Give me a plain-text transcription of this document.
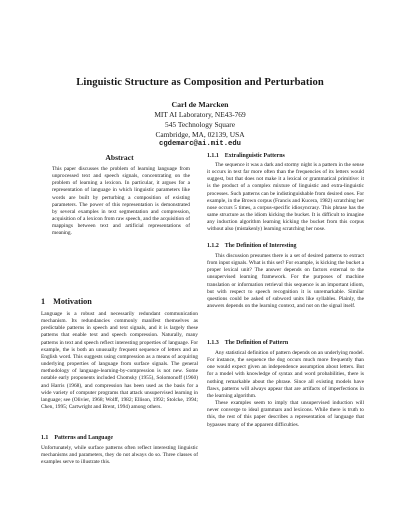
Linguistic Structure as Composition and Perturbation
Carl de Marcken
MIT AI Laboratory, NE43-769
545 Technology Square
Cambridge, MA, 02139, USA
cgdemarc@ai.mit.edu
Abstract
This paper discusses the problem of learning language from unprocessed text and speech signals, concentrating on the problem of learning a lexicon. In particular, it argues for a representation of language in which linguistic parameters like words are built by perturbing a composition of existing parameters. The power of this representation is demonstrated by several examples in text segmentation and compression, acquisition of a lexicon from raw speech, and the acquisition of mappings between text and artificial representations of meaning.
1 Motivation
Language is a robust and necessarily redundant communication mechanism. Its redundancies commonly manifest themselves as predictable patterns in speech and text signals, and it is largely these patterns that enable text and speech compression. Naturally, many patterns in text and speech reflect interesting properties of language. For example, the is both an unusually frequent sequence of letters and an English word. This suggests using compression as a means of acquiring underlying properties of language from surface signals. The general methodology of language-learning-by-compression is not new. Some notable early proponents included Chomsky (1955), Solomonoff (1960) and Harris (1968), and compression has been used as the basis for a wide variety of computer programs that attack unsupervised learning in language; see (Olivier, 1968; Wolff, 1982; Ellison, 1992; Stolcke, 1994; Chen, 1995; Cartwright and Brent, 1994) among others.
1.1 Patterns and Language
Unfortunately, while surface patterns often reflect interesting linguistic mechanisms and parameters, they do not always do so. Three classes of examples serve to illustrate this.
1.1.1 Extralinguistic Patterns
The sequence it was a dark and stormy night is a pattern in the sense it occurs in text far more often than the frequencies of its letters would suggest, but that does not make it a lexical or grammatical primitive: it is the product of a complex mixture of linguistic and extra-linguistic processes. Such patterns can be indistinguishable from desired ones. For example, in the Brown corpus (Francis and Kucera, 1982) scratching her nose occurs 5 times, a corpus-specific idiosyncrasy. This phrase has the same structure as the idiom kicking the bucket. It is difficult to imagine any induction algorithm learning kicking the bucket from this corpus without also (mistakenly) learning scratching her nose.
1.1.2 The Definition of Interesting
This discussion presumes there is a set of desired patterns to extract from input signals. What is this set? For example, is kicking the bucket a proper lexical unit? The answer depends on factors external to the unsupervised learning framework. For the purposes of machine translation or information retrieval this sequence is an important idiom, but with respect to speech recognition it is unremarkable. Similar questions could be asked of subword units like syllables. Plainly, the answers depends on the learning context, and not on the signal itself.
1.1.3 The Definition of Pattern
Any statistical definition of pattern depends on an underlying model. For instance, the sequence the dog occurs much more frequently than one would expect given an independence assumption about letters. But for a model with knowledge of syntax and word probabilities, there is nothing remarkable about the phrase. Since all existing models have flaws, patterns will always appear that are artifacts of imperfections in the learning algorithm.
These examples seem to imply that unsupervised induction will never converge to ideal grammars and lexicons. While there is truth to this, the rest of this paper describes a representation of language that bypasses many of the apparent difficulties.
